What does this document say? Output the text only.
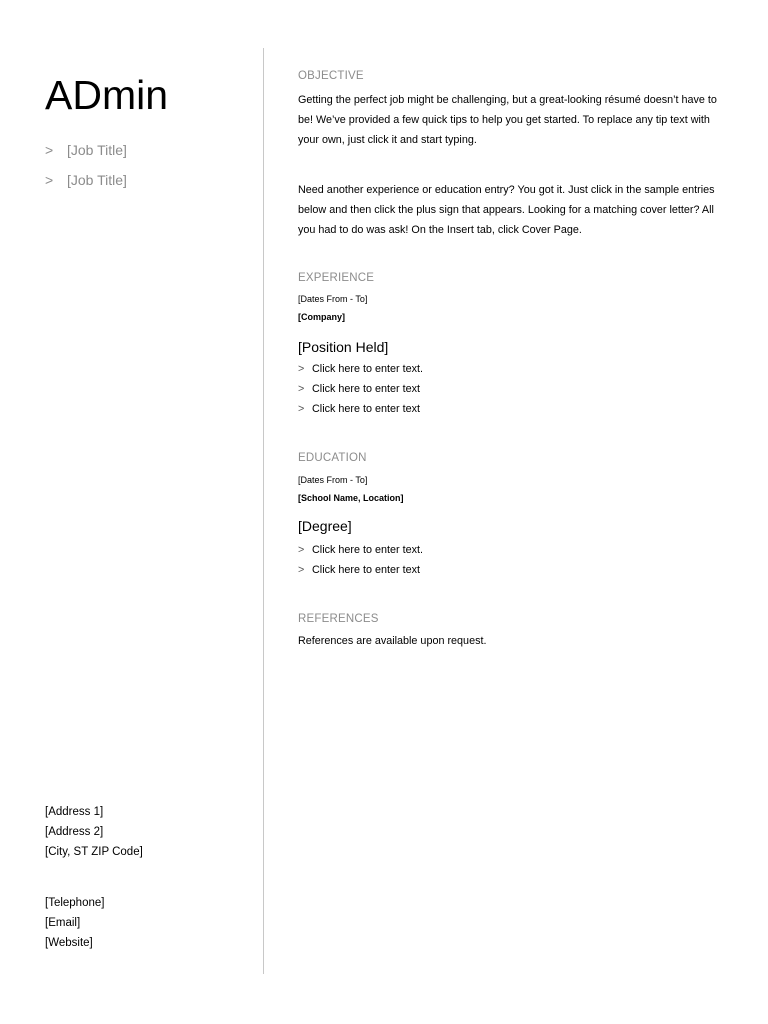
ADmin
> [Job Title]
> [Job Title]
[Address 1]
[Address 2]
[City, ST ZIP Code]
[Telephone]
[Email]
[Website]
OBJECTIVE
Getting the perfect job might be challenging, but a great-looking résumé doesn’t have to be! We’ve provided a few quick tips to help you get started. To replace any tip text with your own, just click it and start typing.
Need another experience or education entry? You got it. Just click in the sample entries below and then click the plus sign that appears. Looking for a matching cover letter? All you had to do was ask! On the Insert tab, click Cover Page.
EXPERIENCE
[Dates From - To]
[Company]
[Position Held]
> Click here to enter text.
> Click here to enter text
> Click here to enter text
EDUCATION
[Dates From - To]
[School Name, Location]
[Degree]
> Click here to enter text.
> Click here to enter text
REFERENCES
References are available upon request.
